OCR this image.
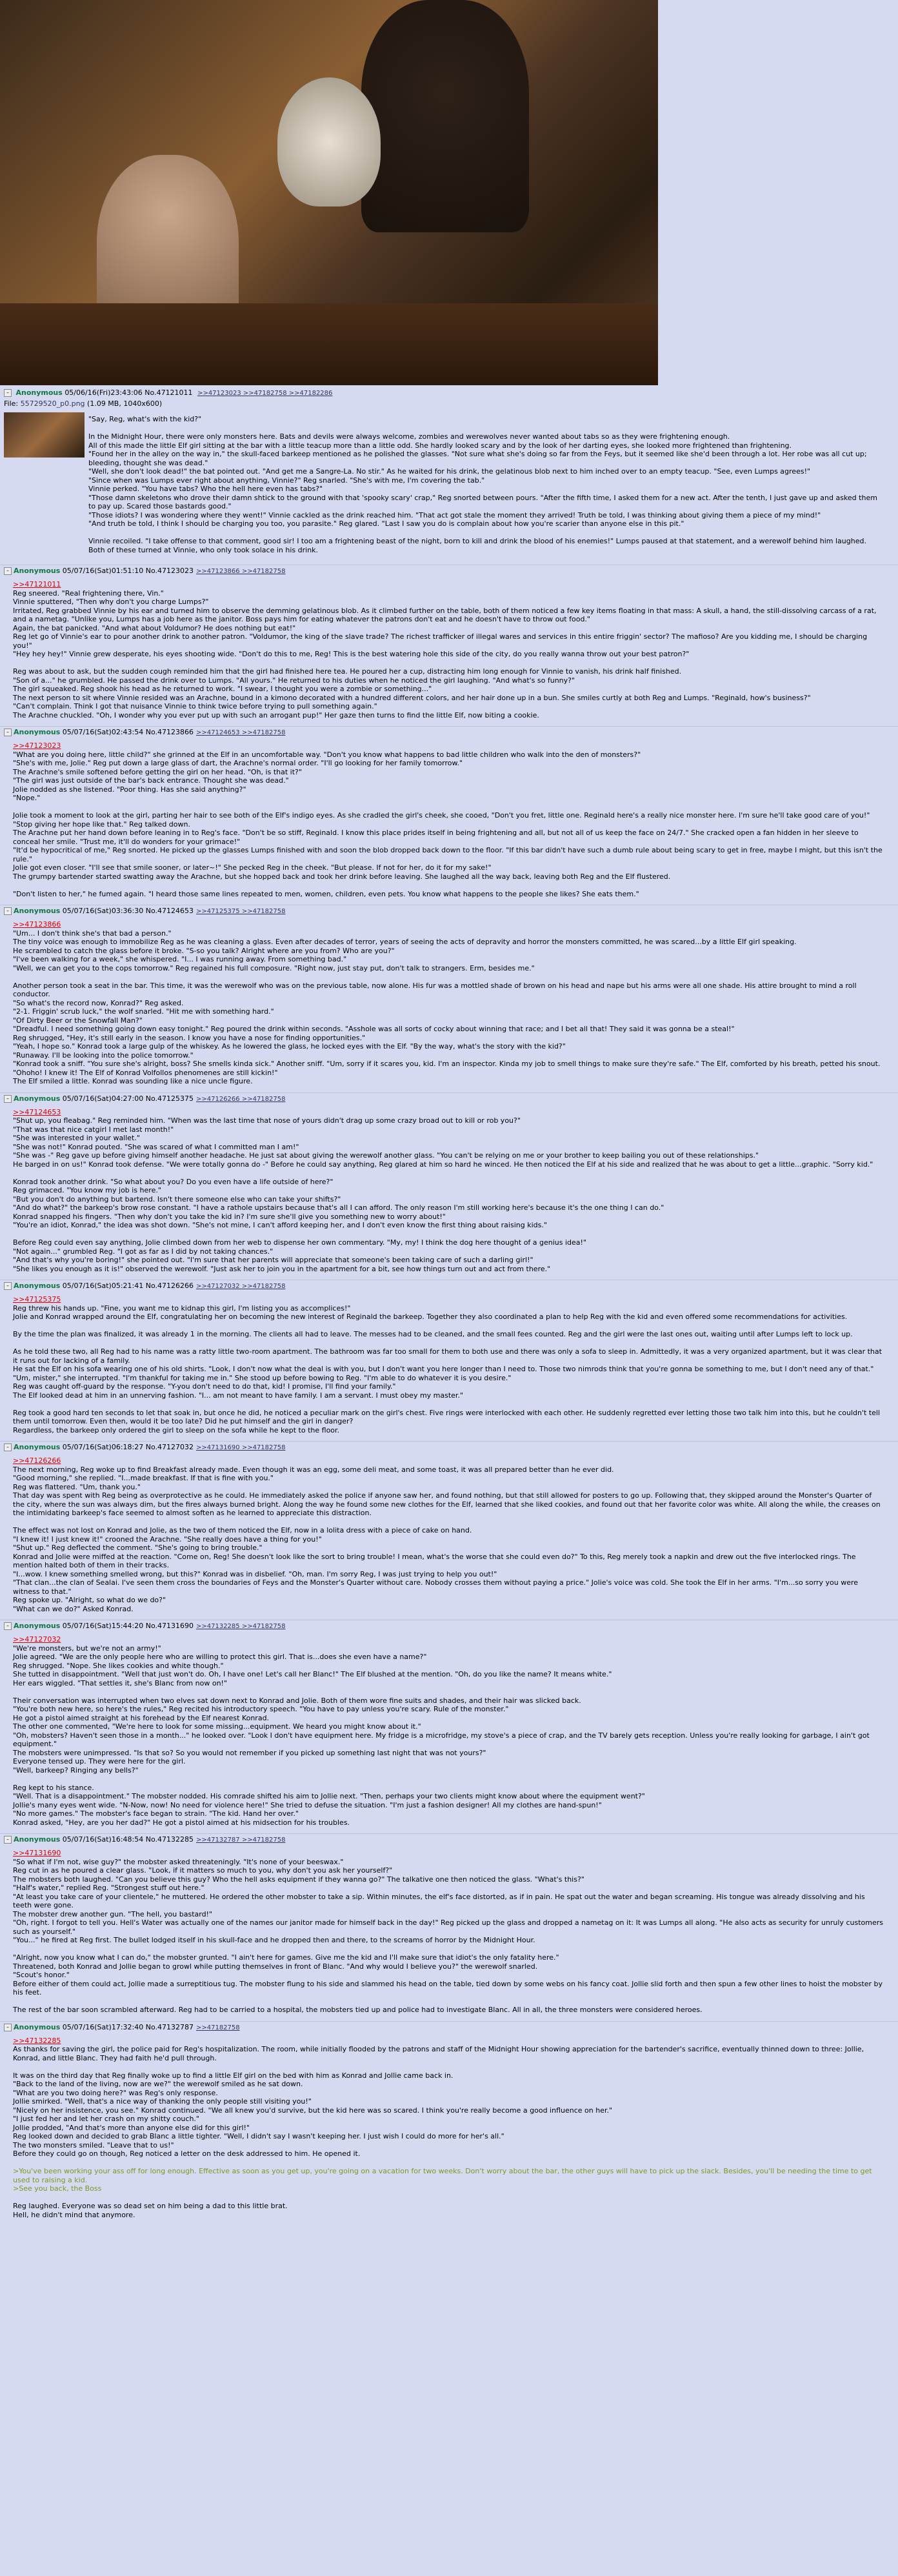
– Anonymous 05/06/16(Fri)23:43:06 No.47121011 >>47123023 >>47182758 >>47182286
File: 55729520_p0.png (1.09 MB, 1040x600)
"Say, Reg, what's with the kid?"

In the Midnight Hour, there were only monsters here. Bats and devils were always welcome, zombies and werewolves never wanted about tabs so as they were frightening enough.
All of this made the little Elf girl sitting at the bar with a little teacup more than a little odd. She hardly looked scary and by the look of her darting eyes, she looked more frightened than frightening.
"Found her in the alley on the way in," the skull-faced barkeep mentioned as he polished the glasses. "Not sure what she's doing so far from the Feys, but it seemed like she'd been through a lot. Her robe was all cut up; bleeding, thought she was dead."
"Well, she don't look dead!" the bat pointed out. "And get me a Sangre-La. No stir." As he waited for his drink, the gelatinous blob next to him inched over to an empty teacup. "See, even Lumps agrees!"
"Since when was Lumps ever right about anything, Vinnie?" Reg snarled. "She's with me, I'm covering the tab."
Vinnie perked. "You have tabs? Who the hell here even has tabs?"
"Those damn skeletons who drove their damn shtick to the ground with that 'spooky scary' crap," Reg snorted between pours. "After the fifth time, I asked them for a new act. After the tenth, I just gave up and asked them to pay up. Scared those bastards good."
"Those idiots? I was wondering where they went!" Vinnie cackled as the drink reached him. "That act got stale the moment they arrived! Truth be told, I was thinking about giving them a piece of my mind!"
"And truth be told, I think I should be charging you too, you parasite." Reg glared. "Last I saw you do is complain about how you're scarier than anyone else in this pit."

Vinnie recoiled. "I take offense to that comment, good sir! I too am a frightening beast of the night, born to kill and drink the blood of his enemies!" Lumps paused at that statement, and a werewolf behind him laughed. Both of these turned at Vinnie, who only took solace in his drink.
– Anonymous 05/07/16(Sat)01:51:10 No.47123023 >>47123866 >>47182758
>>47121011
Reg sneered. "Real frightening there, Vin."
Vinnie sputtered, "Then why don't you charge Lumps?"
Irritated, Reg grabbed Vinnie by his ear and turned him to observe the demming gelatinous blob. As it climbed further on the table, both of them noticed a few key items floating in that mass: A skull, a hand, the still-dissolving carcass of a rat, and a nametag. "Unlike you, Lumps has a job here as the janitor. Boss pays him for eating whatever the patrons don't eat and he doesn't have to throw out food."
Again, the bat panicked. "And what about Voldumor? He does nothing but eat!"
Reg let go of Vinnie's ear to pour another drink to another patron. "Voldumor, the king of the slave trade? The richest trafficker of illegal wares and services in this entire friggin' sector? The mafioso? Are you kidding me, I should be charging you!"
"Hey hey hey!" Vinnie grew desperate, his eyes shooting wide. "Don't do this to me, Reg! This is the best watering hole this side of the city, do you really wanna throw out your best patron?"

Reg was about to ask, but the sudden cough reminded him that the girl had finished here tea. He poured her a cup, distracting him long enough for Vinnie to vanish, his drink half finished.
"Son of a..." he grumbled. He passed the drink over to Lumps. "All yours." He returned to his duties when he noticed the girl laughing. "And what's so funny?"
The girl squeaked. Reg shook his head as he returned to work. "I swear, I thought you were a zombie or something..."
The next person to sit where Vinnie resided was an Arachne, bound in a kimono decorated with a hundred different colors, and her hair done up in a bun. She smiles curtly at both Reg and Lumps. "Reginald, how's business?"
"Can't complain. Think I got that nuisance Vinnie to think twice before trying to pull something again."
The Arachne chuckled. "Oh, I wonder why you ever put up with such an arrogant pup!" Her gaze then turns to find the little Elf, now biting a cookie.
– Anonymous 05/07/16(Sat)02:43:54 No.47123866 >>47124653 >>47182758
>>47123023
"What are you doing here, little child?" she grinned at the Elf in an uncomfortable way. "Don't you know what happens to bad little children who walk into the den of monsters?"
"She's with me, Jolie." Reg put down a large glass of dart, the Arachne's normal order. "I'll go looking for her family tomorrow."
The Arachne's smile softened before getting the girl on her head. "Oh, is that it?"
"The girl was just outside of the bar's back entrance. Thought she was dead."
Jolie nodded as she listened. "Poor thing. Has she said anything?"
"Nope."

Jolie took a moment to look at the girl, parting her hair to see both of the Elf's indigo eyes. As she cradled the girl's cheek, she cooed, "Don't you fret, little one. Reginald here's a really nice monster here. I'm sure he'll take good care of you!"
"Stop giving her hope like that." Reg talked down.
The Arachne put her hand down before leaning in to Reg's face. "Don't be so stiff, Reginald. I know this place prides itself in being frightening and all, but not all of us keep the face on 24/7." She cracked open a fan hidden in her sleeve to conceal her smile. "Trust me, it'll do wonders for your grimace!"
"It'd be hypocritical of me," Reg snorted. He picked up the glasses Lumps finished with and soon the blob dropped back down to the floor. "If this bar didn't have such a dumb rule about being scary to get in free, maybe I might, but this isn't the rule."
Jolie got even closer. "I'll see that smile sooner, or later~!" She pecked Reg in the cheek. "But please. If not for her, do it for my sake!"
The grumpy bartender started swatting away the Arachne, but she hopped back and took her drink before leaving. She laughed all the way back, leaving both Reg and the Elf flustered.

"Don't listen to her," he fumed again. "I heard those same lines repeated to men, women, children, even pets. You know what happens to the people she likes? She eats them."
– Anonymous 05/07/16(Sat)03:36:30 No.47124653 >>47125375 >>47182758
>>47123866
"Um... I don't think she's that bad a person."
The tiny voice was enough to immobilize Reg as he was cleaning a glass. Even after decades of terror, years of seeing the acts of depravity and horror the monsters committed, he was scared...by a little Elf girl speaking.
He scrambled to catch the glass before it broke. "S-so you talk? Alright where are you from? Who are you?"
"I've been walking for a week," she whispered. "I... I was running away. From something bad."
"Well, we can get you to the cops tomorrow." Reg regained his full composure. "Right now, just stay put, don't talk to strangers. Erm, besides me."

Another person took a seat in the bar. This time, it was the werewolf who was on the previous table, now alone. His fur was a mottled shade of brown on his head and nape but his arms were all one shade. His attire brought to mind a roll conductor.
"So what's the record now, Konrad?" Reg asked.
"2-1. Friggin' scrub luck," the wolf snarled. "Hit me with something hard."
"Of Dirty Beer or the Snowfall Man?"
"Dreadful. I need something going down easy tonight." Reg poured the drink within seconds. "Asshole was all sorts of cocky about winning that race; and I bet all that! They said it was gonna be a steal!"
Reg shrugged, "Hey, it's still early in the season. I know you have a nose for finding opportunities."
"Yeah, I hope so." Konrad took a large gulp of the whiskey. As he lowered the glass, he locked eyes with the Elf. "By the way, what's the story with the kid?"
"Runaway. I'll be looking into the police tomorrow."
"Konrad took a sniff. "You sure she's alright, boss? She smells kinda sick." Another sniff. "Um, sorry if it scares you, kid. I'm an inspector. Kinda my job to smell things to make sure they're safe." The Elf, comforted by his breath, petted his snout. "Ohoho! I knew it! The Elf of Konrad Volfollos phenomenes are still kickin!"
The Elf smiled a little. Konrad was sounding like a nice uncle figure.
– Anonymous 05/07/16(Sat)04:27:00 No.47125375 >>47126266 >>47182758
>>47124653
"Shut up, you fleabag." Reg reminded him. "When was the last time that nose of yours didn't drag up some crazy broad out to kill or rob you?"
"That was that nice catgirl I met last month!"
"She was interested in your wallet."
"She was not!" Konrad pouted. "She was scared of what I committed man I am!"
"She was -" Reg gave up before giving himself another headache. He just sat about giving the werewolf another glass. "You can't be relying on me or your brother to keep bailing you out of these relationships."
He barged in on us!" Konrad took defense. "We were totally gonna do -" Before he could say anything, Reg glared at him so hard he winced. He then noticed the Elf at his side and realized that he was about to get a little...graphic. "Sorry kid."

Konrad took another drink. "So what about you? Do you even have a life outside of here?"
Reg grimaced. "You know my job is here."
"But you don't do anything but bartend. Isn't there someone else who can take your shifts?"
"And do what?" the barkeep's brow rose constant. "I have a rathole upstairs because that's all I can afford. The only reason I'm still working here's because it's the one thing I can do."
Konrad snapped his fingers. "Then why don't you take the kid in? I'm sure she'll give you something new to worry about!"
"You're an idiot, Konrad," the idea was shot down. "She's not mine, I can't afford keeping her, and I don't even know the first thing about raising kids."

Before Reg could even say anything, Jolie climbed down from her web to dispense her own commentary. "My, my! I think the dog here thought of a genius idea!"
"Not again..." grumbled Reg. "I got as far as I did by not taking chances."
"And that's why you're boring!" she pointed out. "I'm sure that her parents will appreciate that someone's been taking care of such a darling girl!"
"She likes you enough as it is!" observed the werewolf. "Just ask her to join you in the apartment for a bit, see how things turn out and act from there."
– Anonymous 05/07/16(Sat)05:21:41 No.47126266 >>47127032 >>47182758
>>47125375
Reg threw his hands up. "Fine, you want me to kidnap this girl, I'm listing you as accomplices!"
Jolie and Konrad wrapped around the Elf, congratulating her on becoming the new interest of Reginald the barkeep. Together they also coordinated a plan to help Reg with the kid and even offered some recommendations for activities.

By the time the plan was finalized, it was already 1 in the morning. The clients all had to leave. The messes had to be cleaned, and the small fees counted. Reg and the girl were the last ones out, waiting until after Lumps left to lock up.

As he told these two, all Reg had to his name was a ratty little two-room apartment. The bathroom was far too small for them to both use and there was only a sofa to sleep in. Admittedly, it was a very organized apartment, but it was clear that it runs out for lacking of a family.
He sat the Elf on his sofa wearing one of his old shirts. "Look, I don't now what the deal is with you, but I don't want you here longer than I need to. Those two nimrods think that you're gonna be something to me, but I don't need any of that."
"Um, mister," she interrupted. "I'm thankful for taking me in." She stood up before bowing to Reg. "I'm able to do whatever it is you desire."
Reg was caught off-guard by the response. "Y-you don't need to do that, kid! I promise, I'll find your family."
The Elf looked dead at him in an unnerving fashion. "I... am not meant to have family. I am a servant. I must obey my master."

Reg took a good hard ten seconds to let that soak in, but once he did, he noticed a peculiar mark on the girl's chest. Five rings were interlocked with each other. He suddenly regretted ever letting those two talk him into this, but he couldn't tell them until tomorrow. Even then, would it be too late? Did he put himself and the girl in danger?
Regardless, the barkeep only ordered the girl to sleep on the sofa while he kept to the floor.
– Anonymous 05/07/16(Sat)06:18:27 No.47127032 >>47131690 >>47182758
>>47126266
The next morning, Reg woke up to find Breakfast already made. Even though it was an egg, some deli meat, and some toast, it was all prepared better than he ever did.
"Good morning," she replied. "I...made breakfast. If that is fine with you."
Reg was flattered. "Um, thank you."
That day was spent with Reg being as overprotective as he could. He immediately asked the police if anyone saw her, and found nothing, but that still allowed for posters to go up. Following that, they skipped around the Monster's Quarter of the city, where the sun was always dim, but the fires always burned bright. Along the way he found some new clothes for the Elf, learned that she liked cookies, and found out that her favorite color was white. All along the while, the creases on the intimidating barkeep's face seemed to almost soften as he learned to appreciate this distraction.

The effect was not lost on Konrad and Jolie, as the two of them noticed the Elf, now in a lolita dress with a piece of cake on hand.
"I knew it! I just knew it!" crooned the Arachne. "She really does have a thing for you!"
"Shut up." Reg deflected the comment. "She's going to bring trouble."
Konrad and Jolie were miffed at the reaction. "Come on, Reg! She doesn't look like the sort to bring trouble! I mean, what's the worse that she could even do?" To this, Reg merely took a napkin and drew out the five interlocked rings. The mention halted both of them in their tracks.
"I...wow. I knew something smelled wrong, but this?" Konrad was in disbelief. "Oh, man. I'm sorry Reg, I was just trying to help you out!"
"That clan...the clan of Sealai. I've seen them cross the boundaries of Feys and the Monster's Quarter without care. Nobody crosses them without paying a price." Jolie's voice was cold. She took the Elf in her arms. "I'm...so sorry you were witness to that."
Reg spoke up. "Alright, so what do we do?"
"What can we do?" Asked Konrad.
– Anonymous 05/07/16(Sat)15:44:20 No.47131690 >>47132285 >>47182758
>>47127032
"We're monsters, but we're not an army!"
Jolie agreed. "We are the only people here who are willing to protect this girl. That is...does she even have a name?"
Reg shrugged. "Nope. She likes cookies and white though."
She tutted in disappointment. "Well that just won't do. Oh, I have one! Let's call her Blanc!" The Elf blushed at the mention. "Oh, do you like the name? It means white."
Her ears wiggled. "That settles it, she's Blanc from now on!"

Their conversation was interrupted when two elves sat down next to Konrad and Jolie. Both of them wore fine suits and shades, and their hair was slicked back.
"You're both new here, so here's the rules," Reg recited his introductory speech. "You have to pay unless you're scary. Rule of the monster."
He got a pistol aimed straight at his forehead by the Elf nearest Konrad.
The other one commented, "We're here to look for some missing...equipment. We heard you might know about it."
"Oh, mobsters? Haven't seen those in a month..." he looked over. "Look I don't have equipment here. My fridge is a microfridge, my stove's a piece of crap, and the TV barely gets reception. Unless you're really looking for garbage, I ain't got equipment."
The mobsters were unimpressed. "Is that so? So you would not remember if you picked up something last night that was not yours?"
Everyone tensed up. They were here for the girl.
"Well, barkeep? Ringing any bells?"

Reg kept to his stance.
"Well. That is a disappointment." The mobster nodded. His comrade shifted his aim to Jollie next. "Then, perhaps your two clients might know about where the equipment went?"
Jollie's many eyes went wide. "N-Now, now! No need for violence here!" She tried to defuse the situation. "I'm just a fashion designer! All my clothes are hand-spun!"
"No more games." The mobster's face began to strain. "The kid. Hand her over."
Konrad asked, "Hey, are you her dad?" He got a pistol aimed at his midsection for his troubles.
– Anonymous 05/07/16(Sat)16:48:54 No.47132285 >>47132787 >>47182758
>>47131690
"So what if I'm not, wise guy?" the mobster asked threateningly. "It's none of your beeswax."
Reg cut in as he poured a clear glass. "Look, if it matters so much to you, why don't you ask her yourself?"
The mobsters both laughed. "Can you believe this guy? Who the hell asks equipment if they wanna go?" The talkative one then noticed the glass. "What's this?"
"Half's water," replied Reg. "Strongest stuff out here."
"At least you take care of your clientele," he muttered. He ordered the other mobster to take a sip. Within minutes, the elf's face distorted, as if in pain. He spat out the water and began screaming. His tongue was already dissolving and his teeth were gone.
The mobster drew another gun. "The hell, you bastard!"
"Oh, right. I forgot to tell you. Hell's Water was actually one of the names our janitor made for himself back in the day!" Reg picked up the glass and dropped a nametag on it: It was Lumps all along. "He also acts as security for unruly customers such as yourself."
"You..." he fired at Reg first. The bullet lodged itself in his skull-face and he dropped then and there, to the screams of horror by the Midnight Hour.

"Alright, now you know what I can do," the mobster grunted. "I ain't here for games. Give me the kid and I'll make sure that idiot's the only fatality here."
Threatened, both Konrad and Jollie began to growl while putting themselves in front of Blanc. "And why would I believe you?" the werewolf snarled.
"Scout's honor."
Before either of them could act, Jollie made a surreptitious tug. The mobster flung to his side and slammed his head on the table, tied down by some webs on his fancy coat. Jollie slid forth and then spun a few other lines to hoist the mobster by his feet.

The rest of the bar soon scrambled afterward. Reg had to be carried to a hospital, the mobsters tied up and police had to investigate Blanc. All in all, the three monsters were considered heroes.
– Anonymous 05/07/16(Sat)17:32:40 No.47132787 >>47182758
>>47132285
As thanks for saving the girl, the police paid for Reg's hospitalization. The room, while initially flooded by the patrons and staff of the Midnight Hour showing appreciation for the bartender's sacrifice, eventually thinned down to three: Jollie, Konrad, and little Blanc. They had faith he'd pull through.

It was on the third day that Reg finally woke up to find a little Elf girl on the bed with him as Konrad and Jollie came back in.
"Back to the land of the living, now are we?" the werewolf smiled as he sat down.
"What are you two doing here?" was Reg's only response.
Jollie smirked. "Well, that's a nice way of thanking the only people still visiting you!"
"Nicely on her insistence, you see." Konrad continued. "We all knew you'd survive, but the kid here was so scared. I think you're really become a good influence on her."
"I just fed her and let her crash on my shitty couch."
Jollie prodded, "And that's more than anyone else did for this girl!"
Reg looked down and decided to grab Blanc a little tighter. "Well, I didn't say I wasn't keeping her. I just wish I could do more for her's all."
The two monsters smiled. "Leave that to us!"
Before they could go on though, Reg noticed a letter on the desk addressed to him. He opened it.

>You've been working your ass off for long enough. Effective as soon as you get up, you're going on a vacation for two weeks. Don't worry about the bar, the other guys will have to pick up the slack. Besides, you'll be needing the time to get used to raising a kid.
>See you back, the Boss

Reg laughed. Everyone was so dead set on him being a dad to this little brat.
Hell, he didn't mind that anymore.
